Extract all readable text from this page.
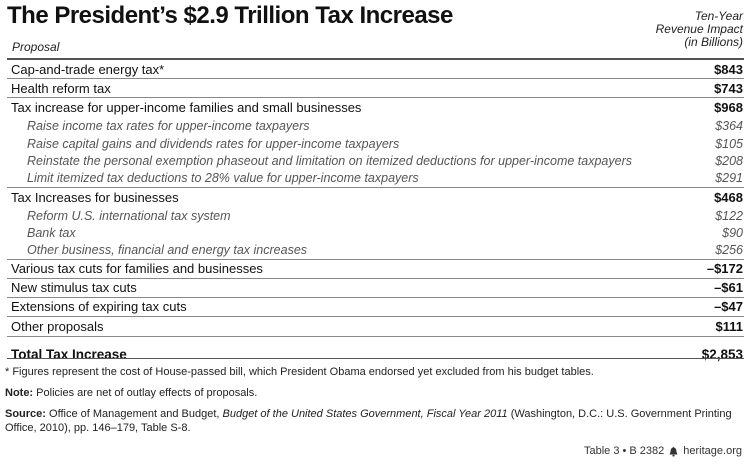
The President’s $2.9 Trillion Tax Increase
Proposal
Ten-Year
Revenue Impact
(in Billions)
Cap-and-trade energy tax*	$843
Health reform tax	$743
Tax increase for upper-income families and small businesses	$968
Raise income tax rates for upper-income taxpayers	$364
Raise capital gains and dividends rates for upper-income taxpayers	$105
Reinstate the personal exemption phaseout and limitation on itemized deductions for upper-income taxpayers	$208
Limit itemized tax deductions to 28% value for upper-income taxpayers	$291
Tax Increases for businesses	$468
Reform U.S. international tax system	$122
Bank tax	$90
Other business, financial and energy tax increases	$256
Various tax cuts for families and businesses	–$172
New stimulus tax cuts	–$61
Extensions of expiring tax cuts	–$47
Other proposals	$111
Total Tax Increase	$2,853

* Figures represent the cost of House-passed bill, which President Obama endorsed yet excluded from his budget tables.

Note: Policies are net of outlay effects of proposals.

Source: Office of Management and Budget, Budget of the United States Government, Fiscal Year 2011 (Washington, D.C.: U.S. Government Printing Office, 2010), pp. 146–179, Table S-8.

Table 3 • B 2382 heritage.org
